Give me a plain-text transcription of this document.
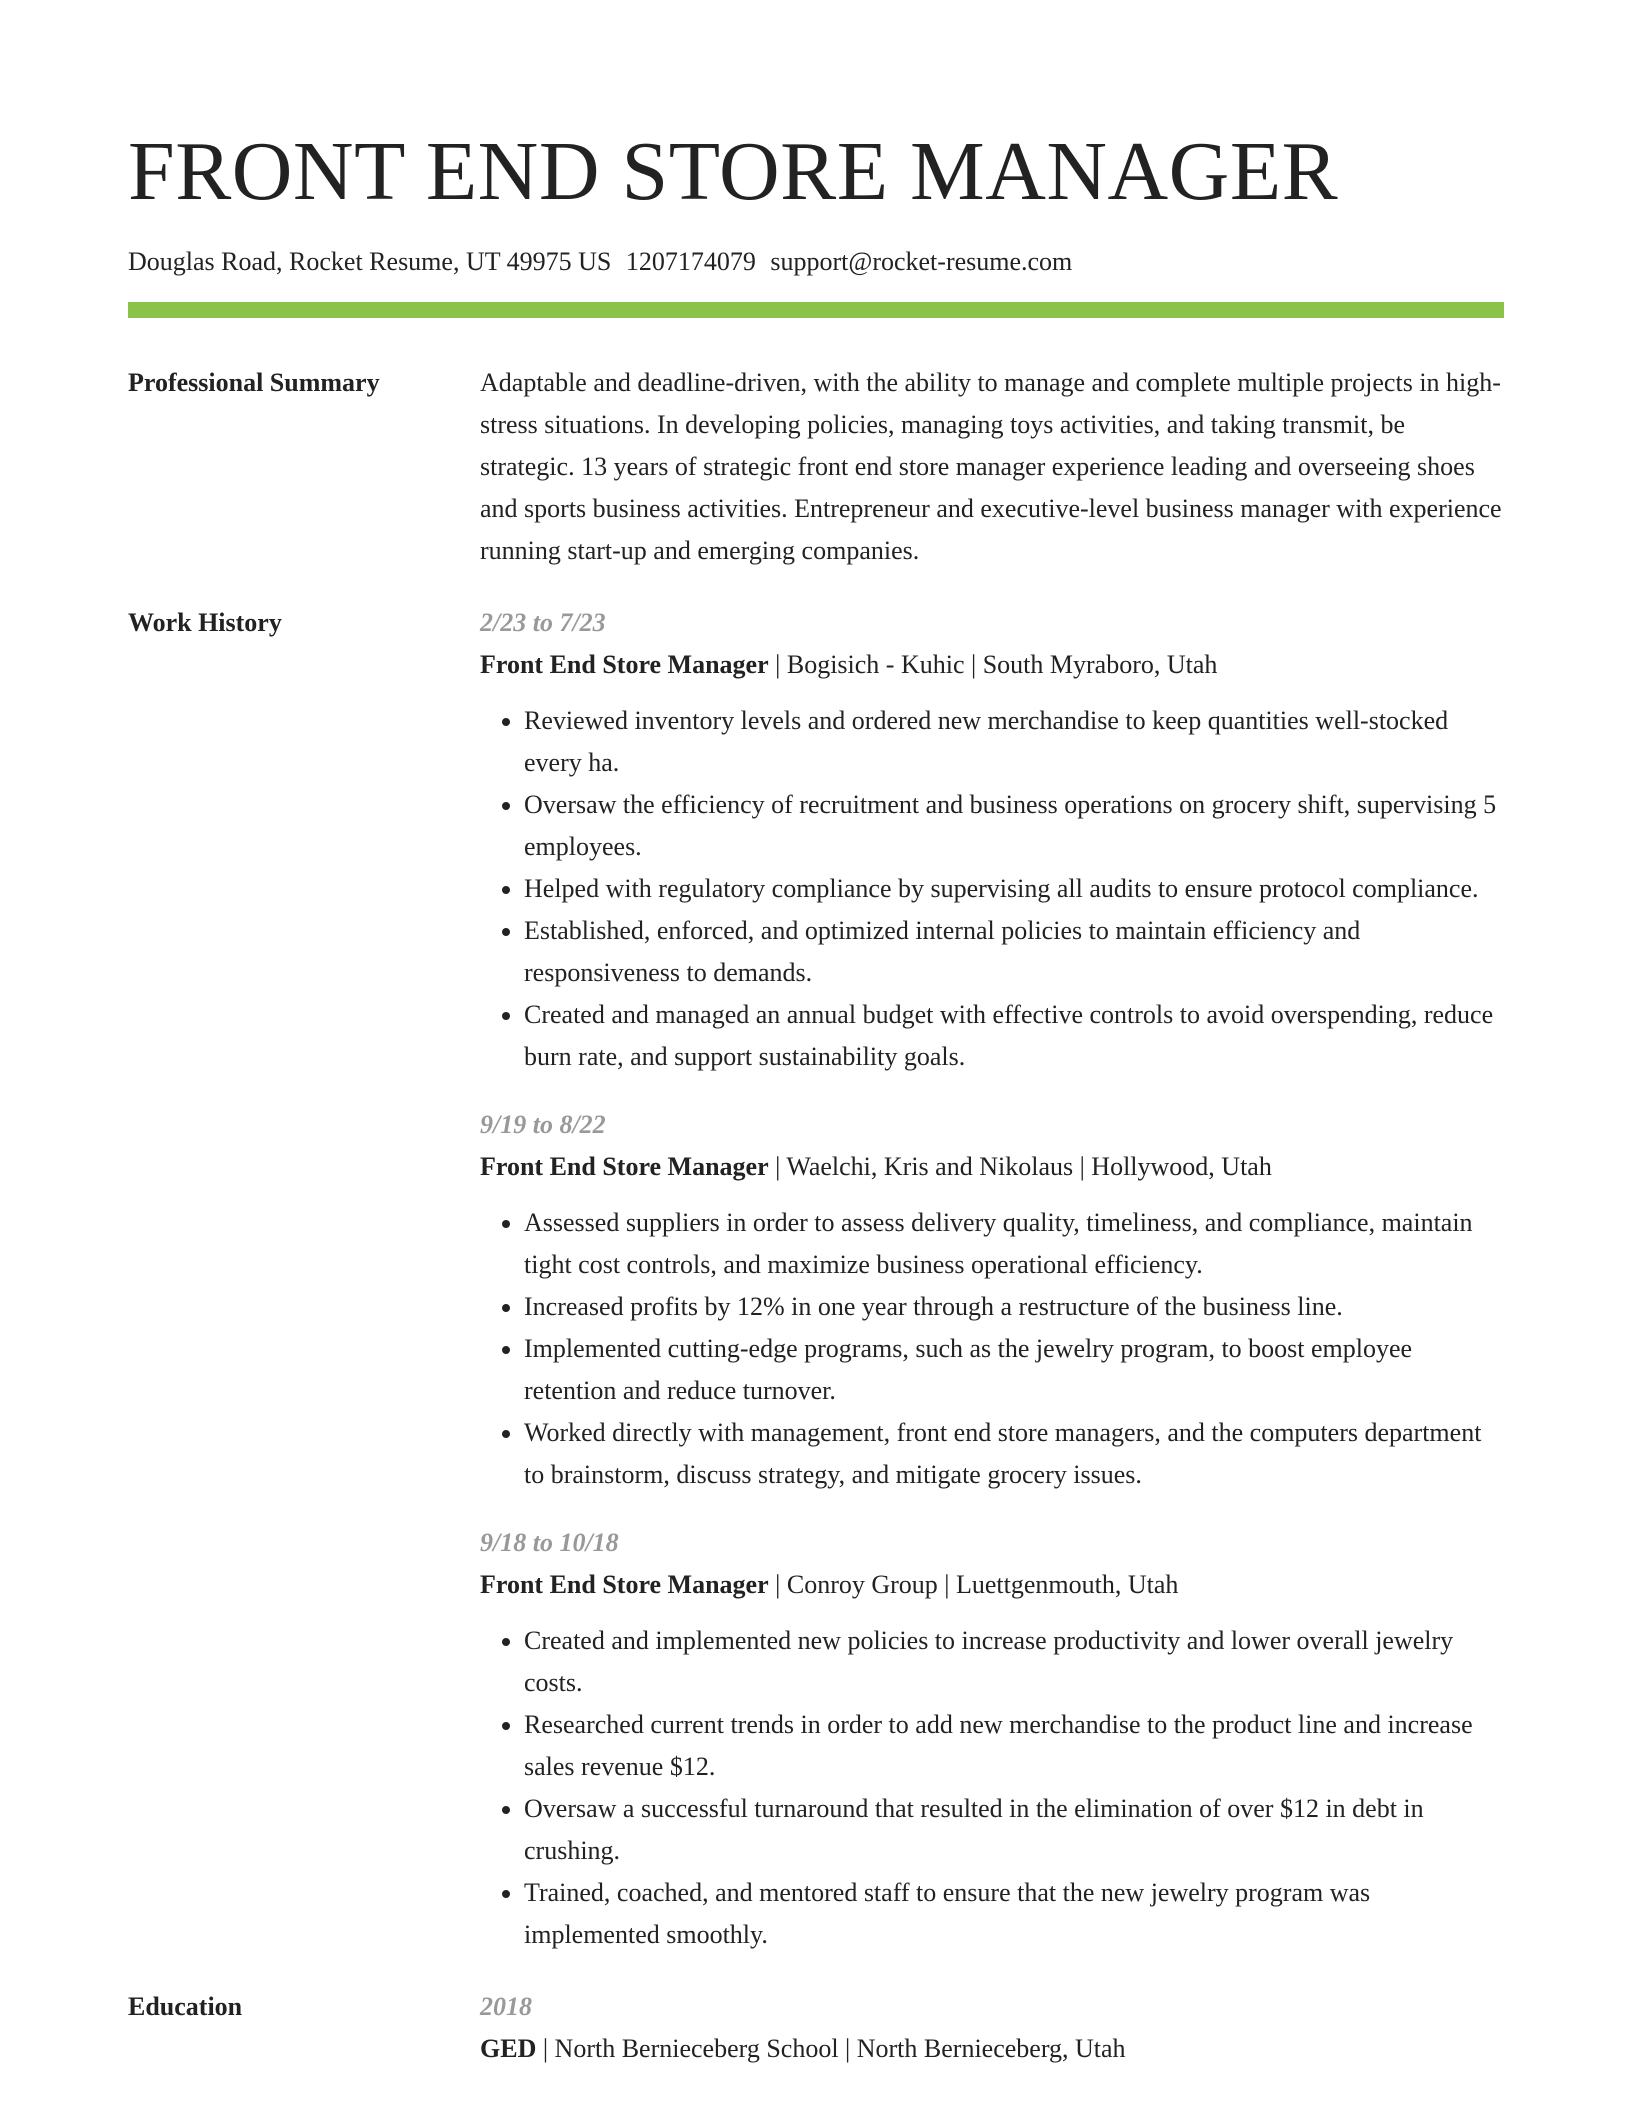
FRONT END STORE MANAGER
Douglas Road, Rocket Resume, UT 49975 US 1207174079 support@rocket-resume.com
Professional Summary	Adaptable and deadline-driven, with the ability to manage and complete multiple projects in high-stress situations. In developing policies, managing toys activities, and taking transmit, be strategic. 13 years of strategic front end store manager experience leading and overseeing shoes and sports business activities. Entrepreneur and executive-level business manager with experience running start-up and emerging companies.

Work History	2/23 to 7/23
Front End Store Manager | Bogisich - Kuhic | South Myraboro, Utah
• Reviewed inventory levels and ordered new merchandise to keep quantities well-stocked every ha.
• Oversaw the efficiency of recruitment and business operations on grocery shift, supervising 5 employees.
• Helped with regulatory compliance by supervising all audits to ensure protocol compliance.
• Established, enforced, and optimized internal policies to maintain efficiency and responsiveness to demands.
• Created and managed an annual budget with effective controls to avoid overspending, reduce burn rate, and support sustainability goals.
9/19 to 8/22
Front End Store Manager | Waelchi, Kris and Nikolaus | Hollywood, Utah
• Assessed suppliers in order to assess delivery quality, timeliness, and compliance, maintain tight cost controls, and maximize business operational efficiency.
• Increased profits by 12% in one year through a restructure of the business line.
• Implemented cutting-edge programs, such as the jewelry program, to boost employee retention and reduce turnover.
• Worked directly with management, front end store managers, and the computers department to brainstorm, discuss strategy, and mitigate grocery issues.
9/18 to 10/18
Front End Store Manager | Conroy Group | Luettgenmouth, Utah
• Created and implemented new policies to increase productivity and lower overall jewelry costs.
• Researched current trends in order to add new merchandise to the product line and increase sales revenue $12.
• Oversaw a successful turnaround that resulted in the elimination of over $12 in debt in crushing.
• Trained, coached, and mentored staff to ensure that the new jewelry program was implemented smoothly.
Education	2018
GED | North Bernieceberg School | North Bernieceberg, Utah
